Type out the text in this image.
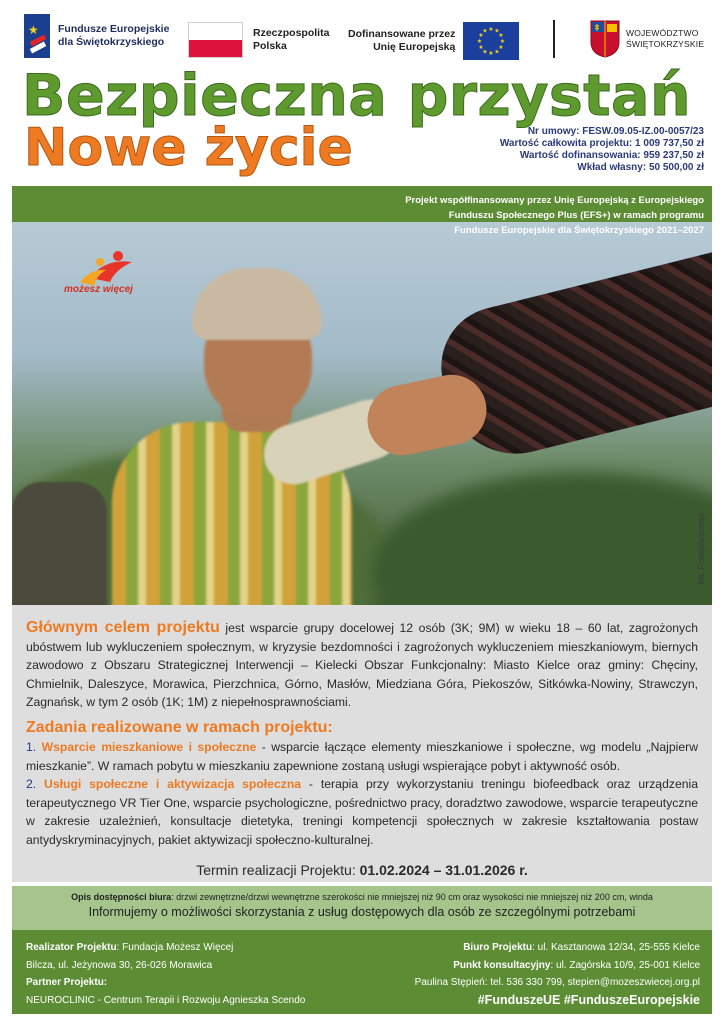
★ Fundusze Europejskie
dla Świętokrzyskiego
Rzeczpospolita
Polska
Dofinansowane przez
Unię Europejską
★ ★
★
★
★
★
★
★
★
★
★
★	WOJEWÓDZTWO
ŚWIĘTOKRZYSKIE
Bezpieczna przystań
Nowe życie	Nr umowy: FESW.09.05-IZ.00-0057/23
Wartość całkowita projektu: 1 009 737,50 zł
Wartość dofinansowania: 959 237,50 zł
Wkład własny: 50 500,00 zł
możesz więcej
fot. Freepik/jcomp
Projekt współfinansowany przez Unię Europejską z Europejskiego
Funduszu Społecznego Plus (EFS+) w ramach programu
Fundusze Europejskie dla Świętokrzyskiego 2021–2027

Głównym celem projektu jest wsparcie grupy docelowej 12 osób (3K; 9M) w wieku 18 – 60 lat, zagrożonych ubóstwem lub wykluczeniem społecznym, w kryzysie bezdomności i zagrożonych wykluczeniem mieszkaniowym, biernych zawodowo z Obszaru Strategicznej Interwencji – Kielecki Obszar Funkcjonalny: Miasto Kielce oraz gminy: Chęciny, Chmielnik, Daleszyce, Morawica, Pierzchnica, Górno, Masłów, Miedziana Góra, Piekoszów, Sitkówka-Nowiny, Strawczyn, Zagnańsk, w tym 2 osób (1K; 1M) z niepełnosprawnościami.

Zadania realizowane w ramach projektu:

1. Wsparcie mieszkaniowe i społeczne - wsparcie łączące elementy mieszkaniowe i społeczne, wg modelu „Najpierw mieszkanie”. W ramach pobytu w mieszkaniu zapewnione zostaną usługi wspierające pobyt i aktywność osób.

2. Usługi społeczne i aktywizacja społeczna - terapia przy wykorzystaniu treningu biofeedback oraz urządzenia terapeutycznego VR Tier One, wsparcie psychologiczne, pośrednictwo pracy, doradztwo zawodowe, wsparcie terapeutyczne w zakresie uzależnień, konsultacje dietetyka, treningi kompetencji społecznych w zakresie kształtowania postaw antydyskryminacyjnych, pakiet aktywizacji społeczno-kulturalnej.

Termin realizacji Projektu: 01.02.2024 – 31.01.2026 r.
Opis dostępności biura: drzwi zewnętrzne/drzwi wewnętrzne szerokości nie mniejszej niż 90 cm oraz wysokości nie mniejszej niż 200 cm, winda
Informujemy o możliwości skorzystania z usług dostępowych dla osób ze szczególnymi potrzebami
Realizator Projektu: Fundacja Możesz Więcej
Bilcza, ul. Jeżynowa 30, 26-026 Morawica
Partner Projektu:
NEUROCLINIC - Centrum Terapii i Rozwoju Agnieszka Scendo
Biuro Projektu: ul. Kasztanowa 12/34, 25-555 Kielce
Punkt konsultacyjny: ul. Zagórska 10/9, 25-001 Kielce
Paulina Stępień: tel. 536 330 799, stepien@mozeszwiecej.org.pl
#FunduszeUE #FunduszeEuropejskie
